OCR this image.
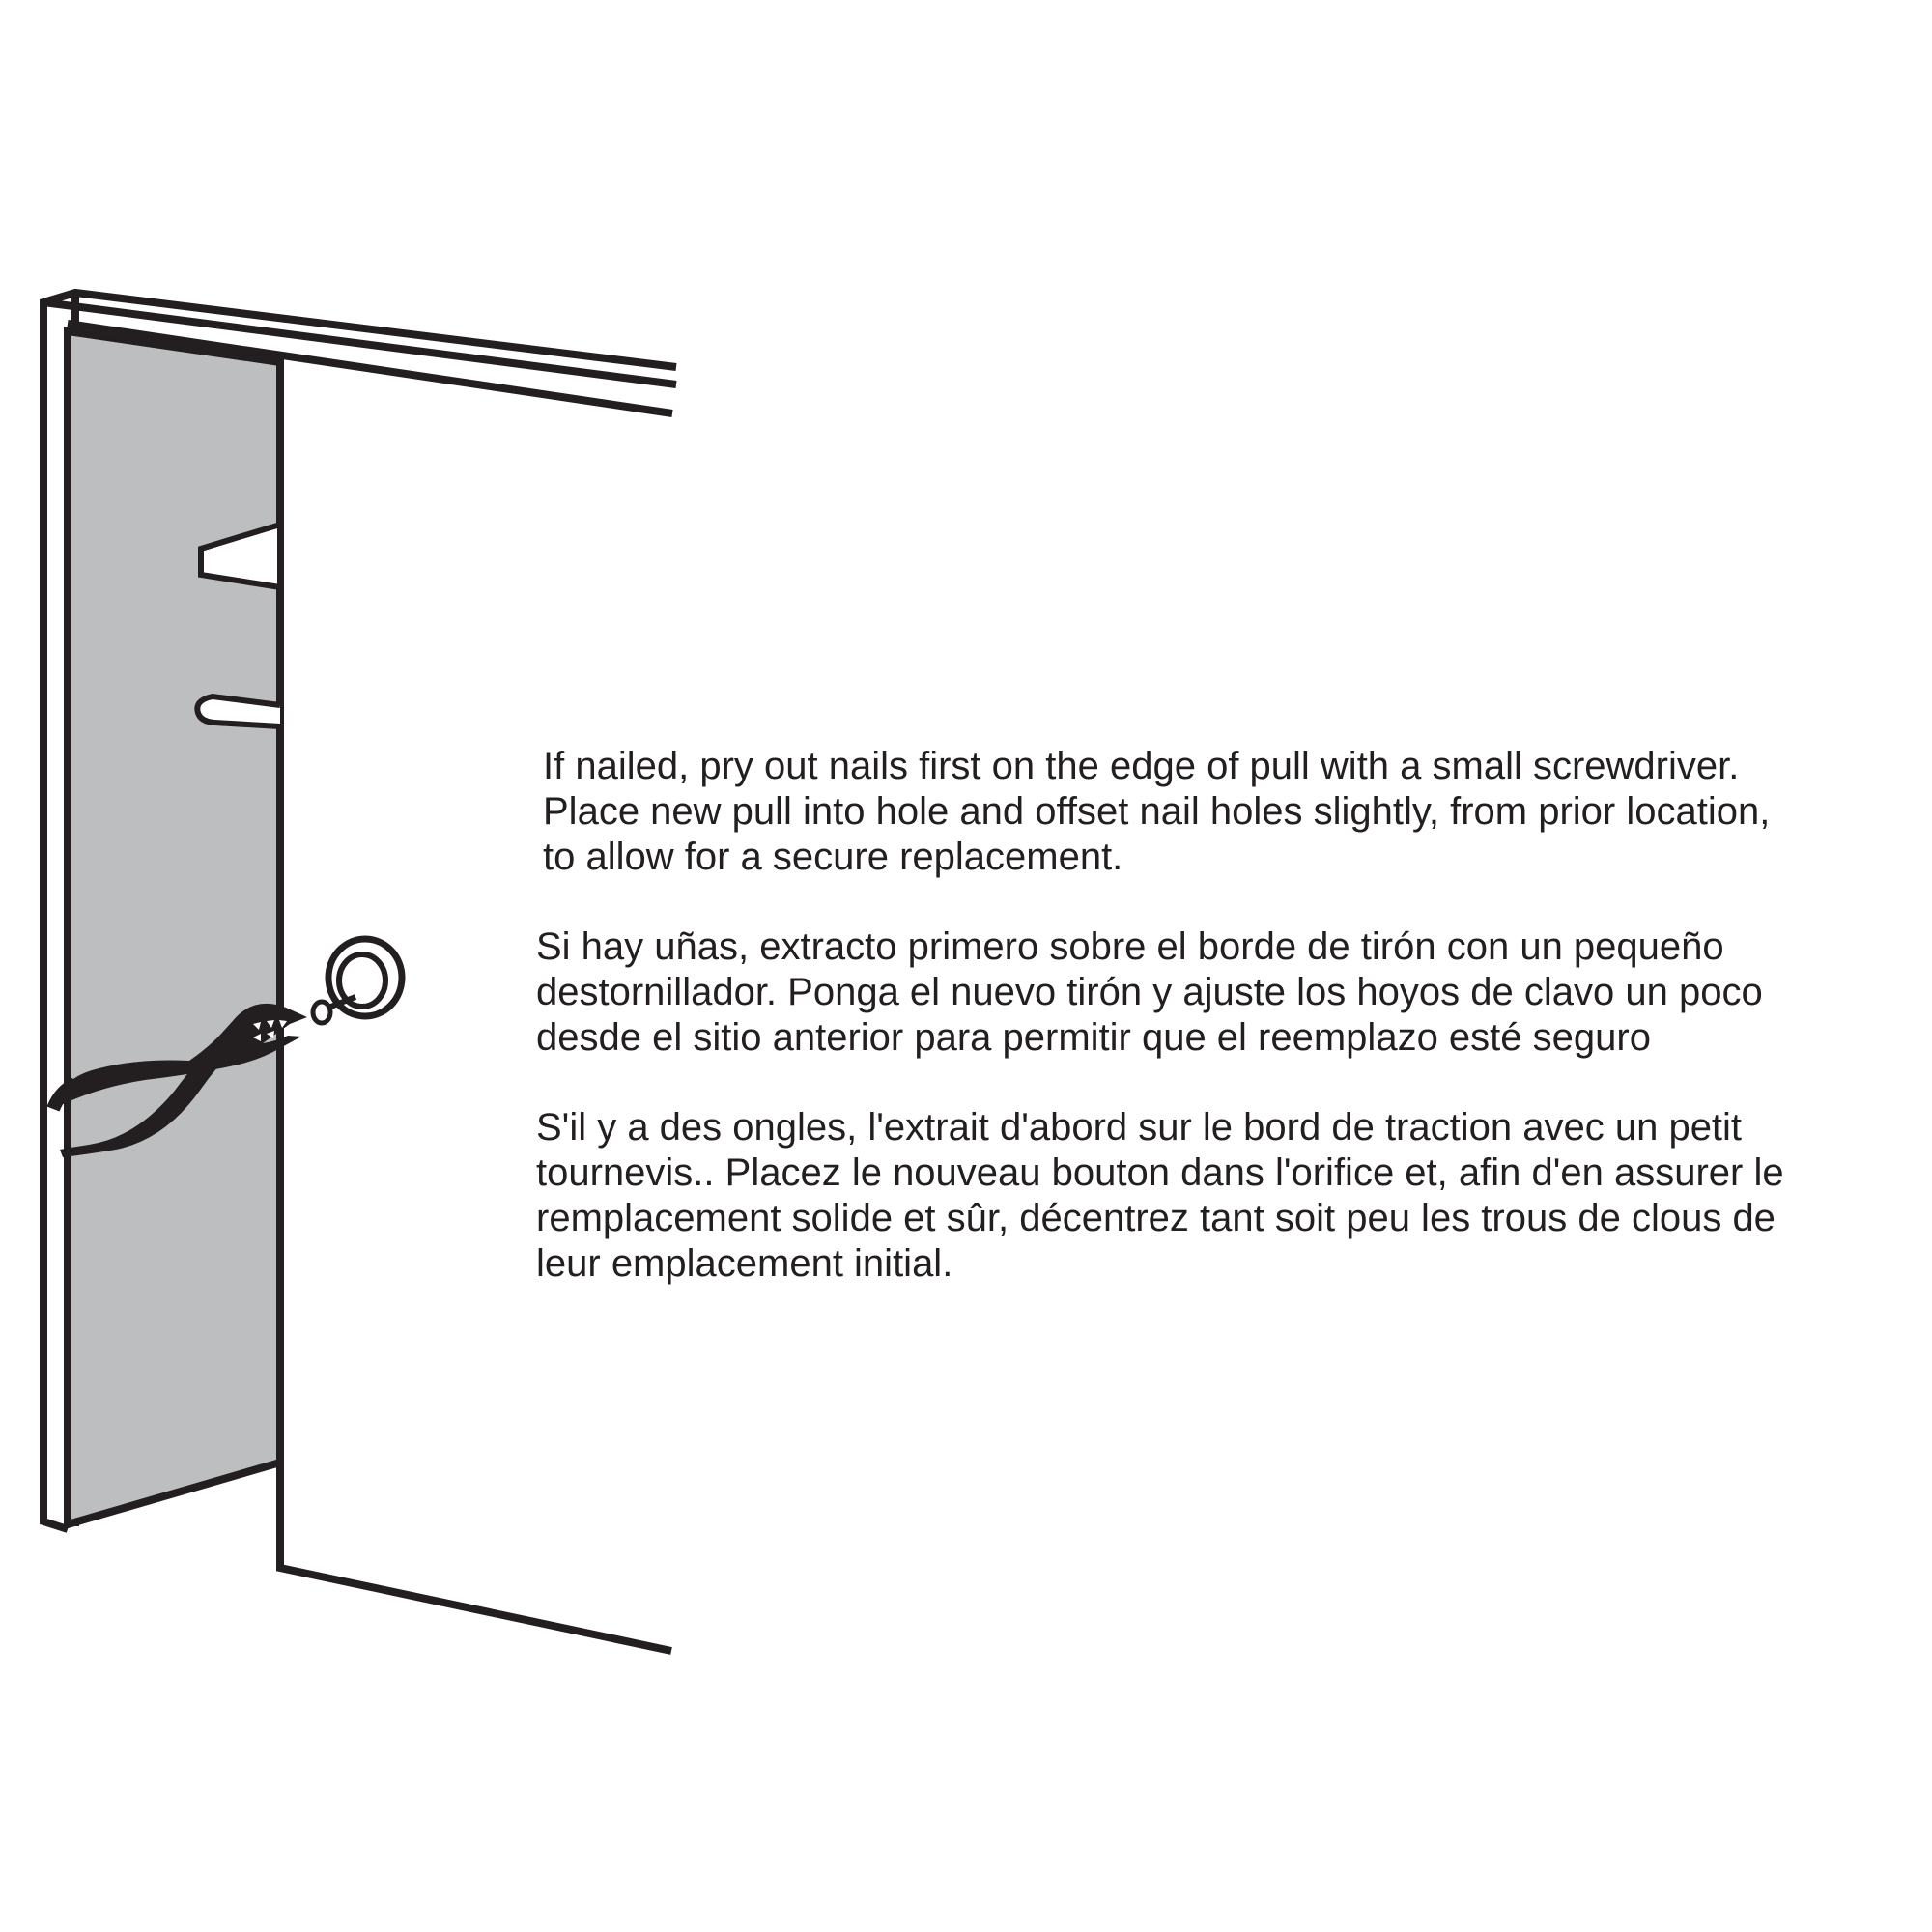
If nailed, pry out nails first on the edge of pull with a small screwdriver.
Place new pull into hole and offset nail holes slightly, from prior location,
to allow for a secure replacement.

Si hay uñas, extracto primero sobre el borde de tirón con un pequeño
destornillador. Ponga el nuevo tirón y ajuste los hoyos de clavo un poco
desde el sitio anterior para permitir que el reemplazo esté seguro

S'il y a des ongles, l'extrait d'abord sur le bord de traction avec un petit
tournevis.. Placez le nouveau bouton dans l'orifice et, afin d'en assurer le
remplacement solide et sûr, décentrez tant soit peu les trous de clous de
leur emplacement initial.
